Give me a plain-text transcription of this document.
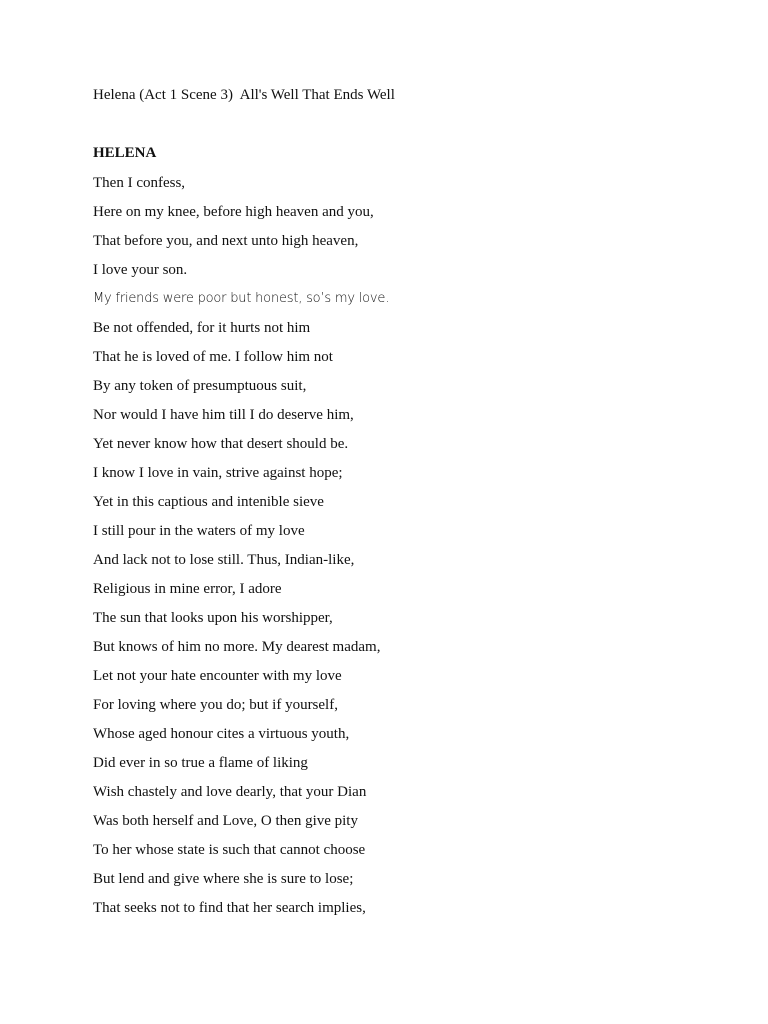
Helena (Act 1 Scene 3)  All's Well That Ends Well
HELENA
Then I confess,
Here on my knee, before high heaven and you,
That before you, and next unto high heaven,
I love your son.
My friends were poor but honest, so’s my love.
Be not offended, for it hurts not him
That he is loved of me. I follow him not
By any token of presumptuous suit,
Nor would I have him till I do deserve him,
Yet never know how that desert should be.
I know I love in vain, strive against hope;
Yet in this captious and intenible sieve
I still pour in the waters of my love
And lack not to lose still. Thus, Indian-like,
Religious in mine error, I adore
The sun that looks upon his worshipper,
But knows of him no more. My dearest madam,
Let not your hate encounter with my love
For loving where you do; but if yourself,
Whose aged honour cites a virtuous youth,
Did ever in so true a flame of liking
Wish chastely and love dearly, that your Dian
Was both herself and Love, O then give pity
To her whose state is such that cannot choose
But lend and give where she is sure to lose;
That seeks not to find that her search implies,
